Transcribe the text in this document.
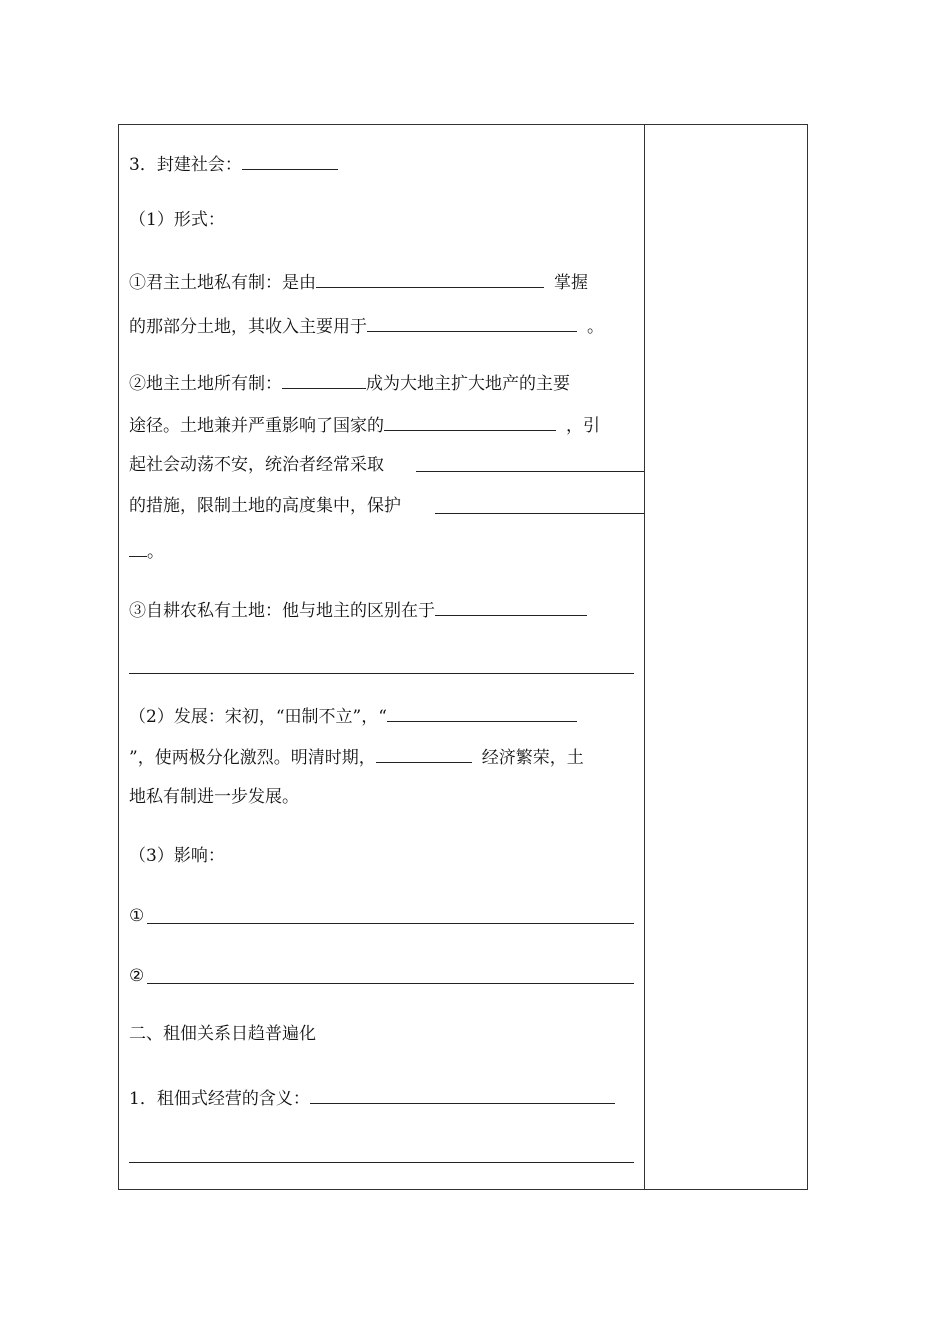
3．封建社会：
（1）形式：
①君主土地私有制：是由	掌握
的那部分土地，其收入主要用于	。
②地主土地所有制：	成为大地主扩大地产的主要
途径。土地兼并严重影响了国家的	，引
起社会动荡不安，统治者经常采取
的措施，限制土地的高度集中，保护
。
③自耕农私有土地：他与地主的区别在于
（2）发展：宋初，“田制不立”，“
”，使两极分化激烈。明清时期，	经济繁荣，土
地私有制进一步发展。
（3）影响：
①
②
二、租佃关系日趋普遍化
1．租佃式经营的含义：
